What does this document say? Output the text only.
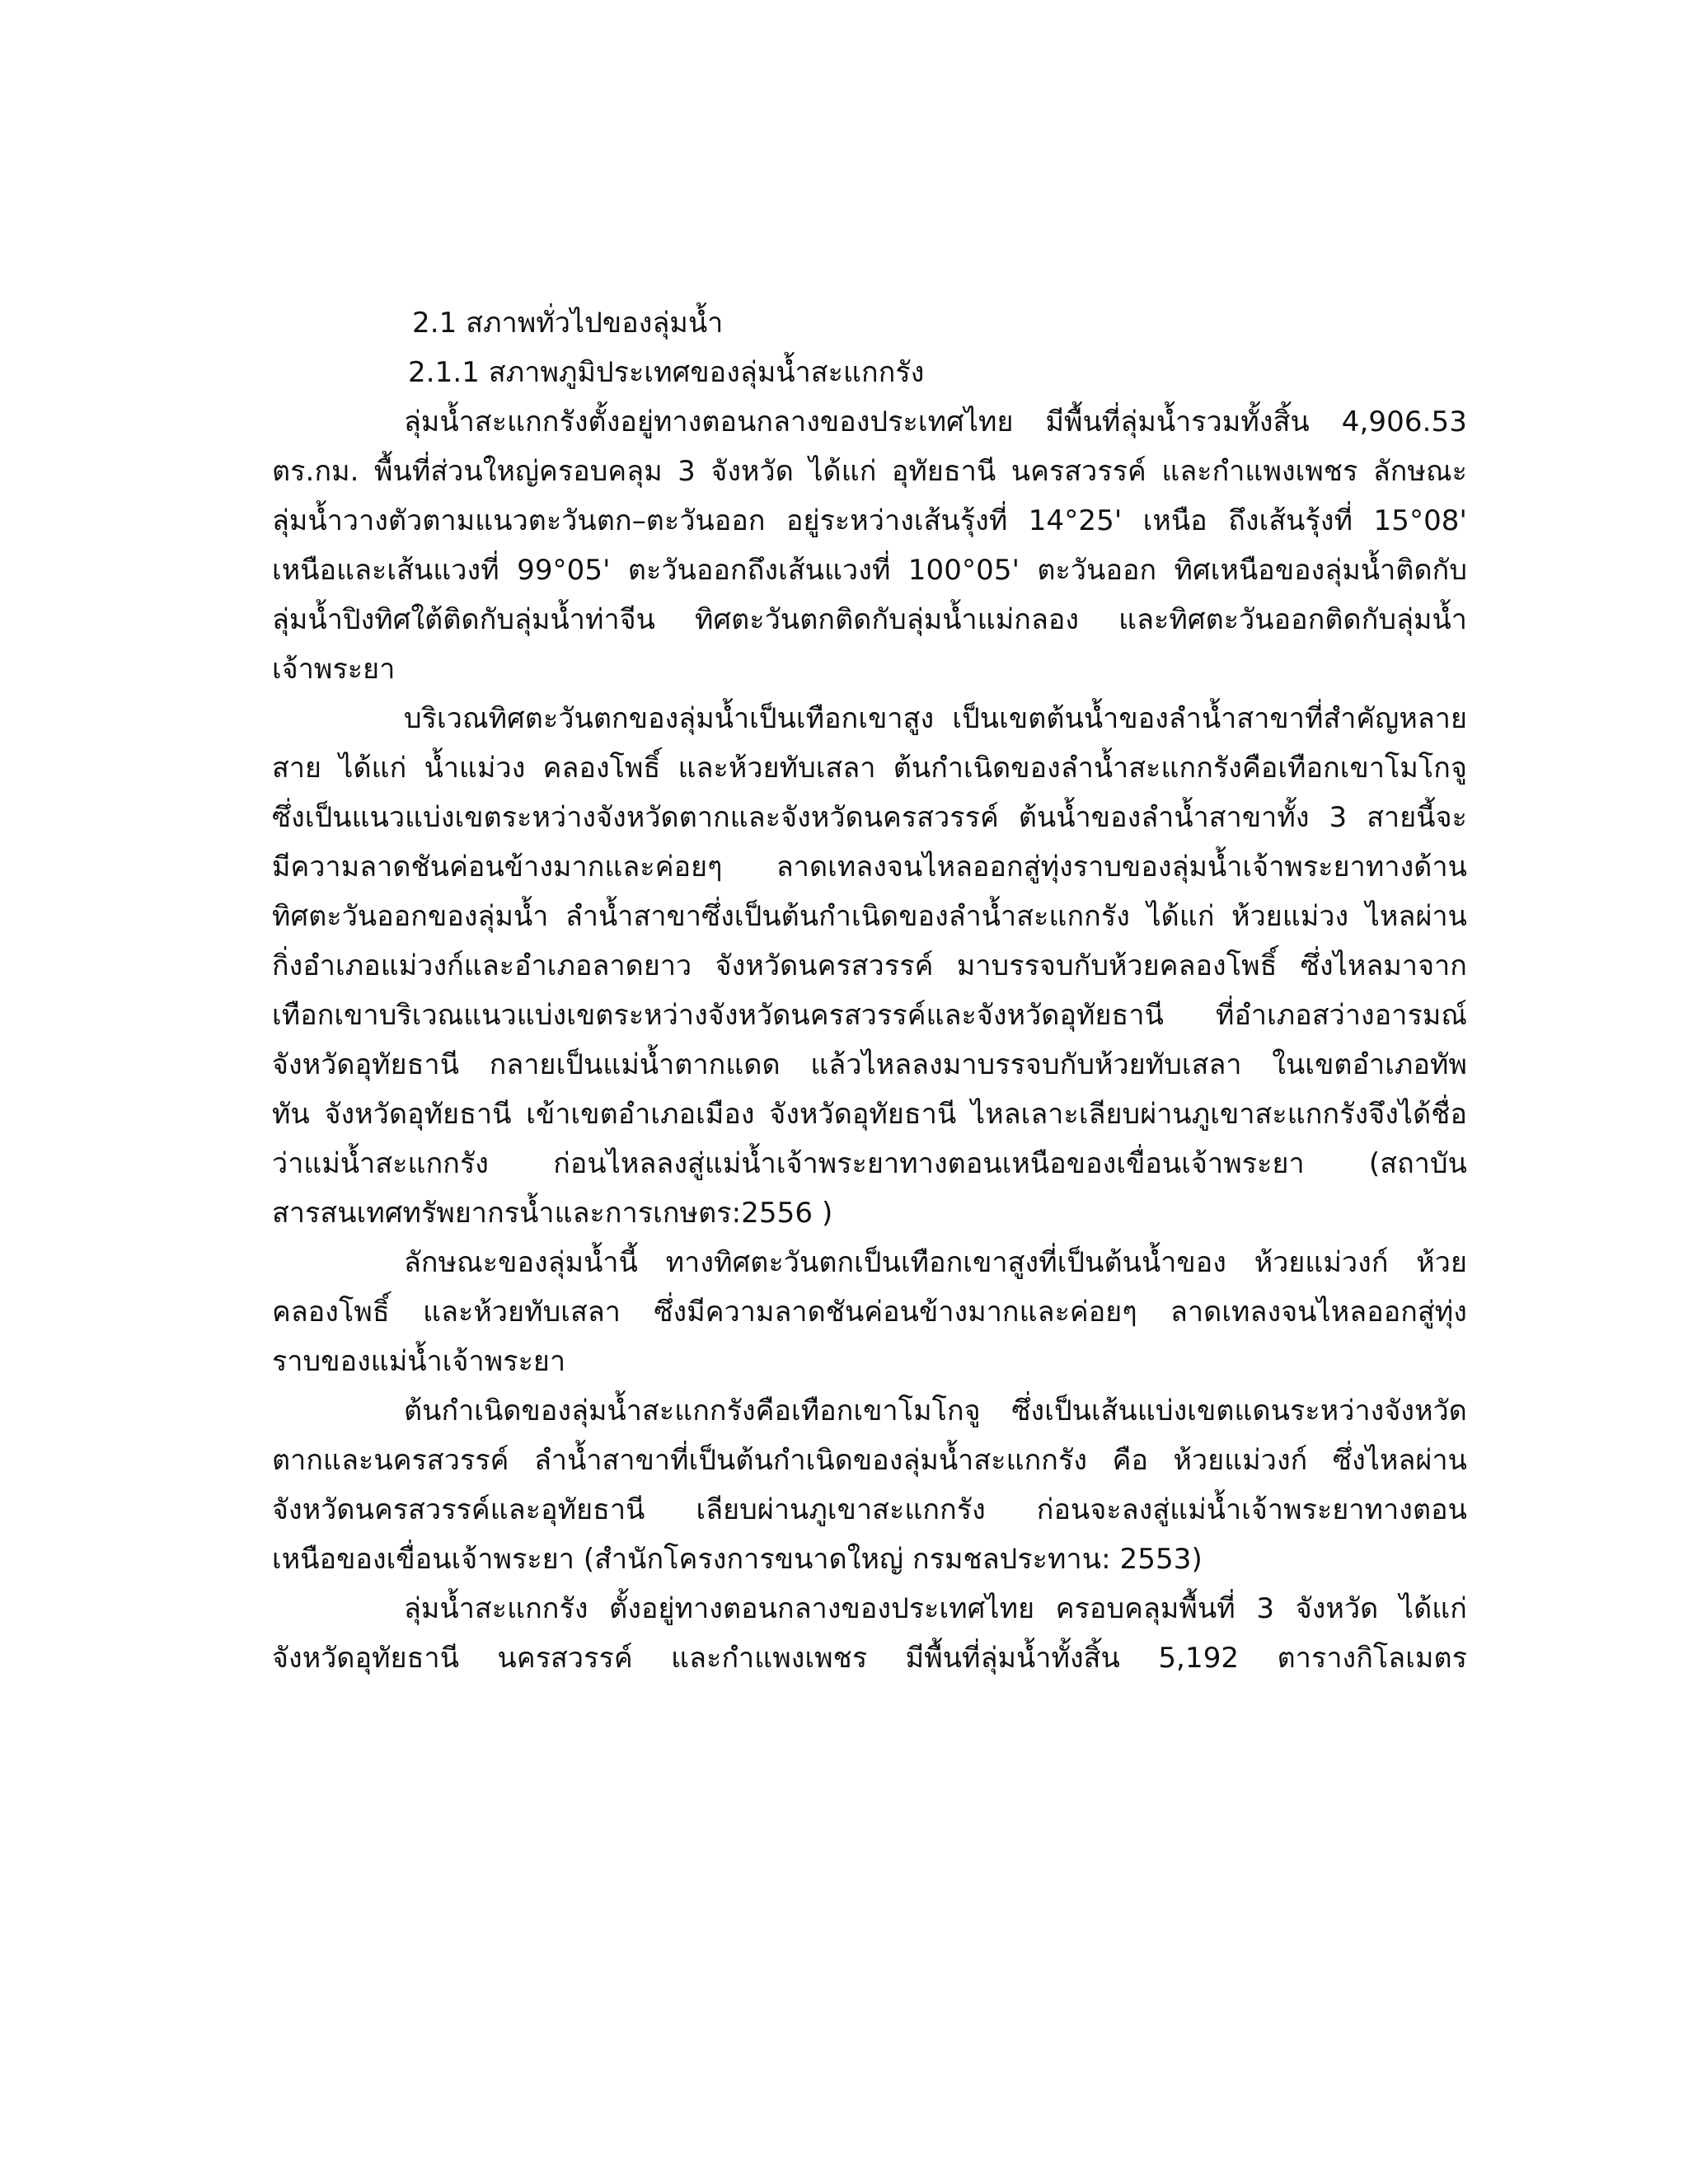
2.1 สภาพทั่วไปของลุ่มน้ำ
2.1.1 สภาพภูมิประเทศของลุ่มน้ำสะแกกรัง
ลุ่มน้ำสะแกกรังตั้งอยู่ทางตอนกลางของประเทศไทย มีพื้นที่ลุ่มน้ำรวมทั้งสิ้น 4,906.53
ตร.กม. พื้นที่ส่วนใหญ่ครอบคลุม 3 จังหวัด ได้แก่ อุทัยธานี นครสวรรค์ และกำแพงเพชร ลักษณะ
ลุ่มน้ำวางตัวตามแนวตะวันตก–ตะวันออก อยู่ระหว่างเส้นรุ้งที่ 14°25' เหนือ ถึงเส้นรุ้งที่ 15°08'
เหนือและเส้นแวงที่ 99°05' ตะวันออกถึงเส้นแวงที่ 100°05' ตะวันออก ทิศเหนือของลุ่มน้ำติดกับ
ลุ่มน้ำปิงทิศใต้ติดกับลุ่มน้ำท่าจีน ทิศตะวันตกติดกับลุ่มน้ำแม่กลอง และทิศตะวันออกติดกับลุ่มน้ำ
เจ้าพระยา
บริเวณทิศตะวันตกของลุ่มน้ำเป็นเทือกเขาสูง เป็นเขตต้นน้ำของลำน้ำสาขาที่สำคัญหลาย
สาย ได้แก่ น้ำแม่วง คลองโพธิ์ และห้วยทับเสลา ต้นกำเนิดของลำน้ำสะแกกรังคือเทือกเขาโมโกจู
ซึ่งเป็นแนวแบ่งเขตระหว่างจังหวัดตากและจังหวัดนครสวรรค์ ต้นน้ำของลำน้ำสาขาทั้ง 3 สายนี้จะ
มีความลาดชันค่อนข้างมากและค่อยๆ ลาดเทลงจนไหลออกสู่ทุ่งราบของลุ่มน้ำเจ้าพระยาทางด้าน
ทิศตะวันออกของลุ่มน้ำ ลำน้ำสาขาซึ่งเป็นต้นกำเนิดของลำน้ำสะแกกรัง ได้แก่ ห้วยแม่วง ไหลผ่าน
กิ่งอำเภอแม่วงก์และอำเภอลาดยาว จังหวัดนครสวรรค์ มาบรรจบกับห้วยคลองโพธิ์ ซึ่งไหลมาจาก
เทือกเขาบริเวณแนวแบ่งเขตระหว่างจังหวัดนครสวรรค์และจังหวัดอุทัยธานี ที่อำเภอสว่างอารมณ์
จังหวัดอุทัยธานี กลายเป็นแม่น้ำตากแดด แล้วไหลลงมาบรรจบกับห้วยทับเสลา ในเขตอำเภอทัพ
ทัน จังหวัดอุทัยธานี เข้าเขตอำเภอเมือง จังหวัดอุทัยธานี ไหลเลาะเลียบผ่านภูเขาสะแกกรังจึงได้ชื่อ
ว่าแม่น้ำสะแกกรัง ก่อนไหลลงสู่แม่น้ำเจ้าพระยาทางตอนเหนือของเขื่อนเจ้าพระยา (สถาบัน
สารสนเทศทรัพยากรน้ำและการเกษตร:2556 )
ลักษณะของลุ่มน้ำนี้ ทางทิศตะวันตกเป็นเทือกเขาสูงที่เป็นต้นน้ำของ ห้วยแม่วงก์ ห้วย
คลองโพธิ์ และห้วยทับเสลา ซึ่งมีความลาดชันค่อนข้างมากและค่อยๆ ลาดเทลงจนไหลออกสู่ทุ่ง
ราบของแม่น้ำเจ้าพระยา
ต้นกำเนิดของลุ่มน้ำสะแกกรังคือเทือกเขาโมโกจู ซึ่งเป็นเส้นแบ่งเขตแดนระหว่างจังหวัด
ตากและนครสวรรค์ ลำน้ำสาขาที่เป็นต้นกำเนิดของลุ่มน้ำสะแกกรัง คือ ห้วยแม่วงก์ ซึ่งไหลผ่าน
จังหวัดนครสวรรค์และอุทัยธานี เลียบผ่านภูเขาสะแกกรัง ก่อนจะลงสู่แม่น้ำเจ้าพระยาทางตอน
เหนือของเขื่อนเจ้าพระยา (สำนักโครงการขนาดใหญ่ กรมชลประทาน: 2553)
ลุ่มน้ำสะแกกรัง ตั้งอยู่ทางตอนกลางของประเทศไทย ครอบคลุมพื้นที่ 3 จังหวัด ได้แก่
จังหวัดอุทัยธานี นครสวรรค์ และกำแพงเพชร มีพื้นที่ลุ่มน้ำทั้งสิ้น 5,192 ตารางกิโลเมตร
